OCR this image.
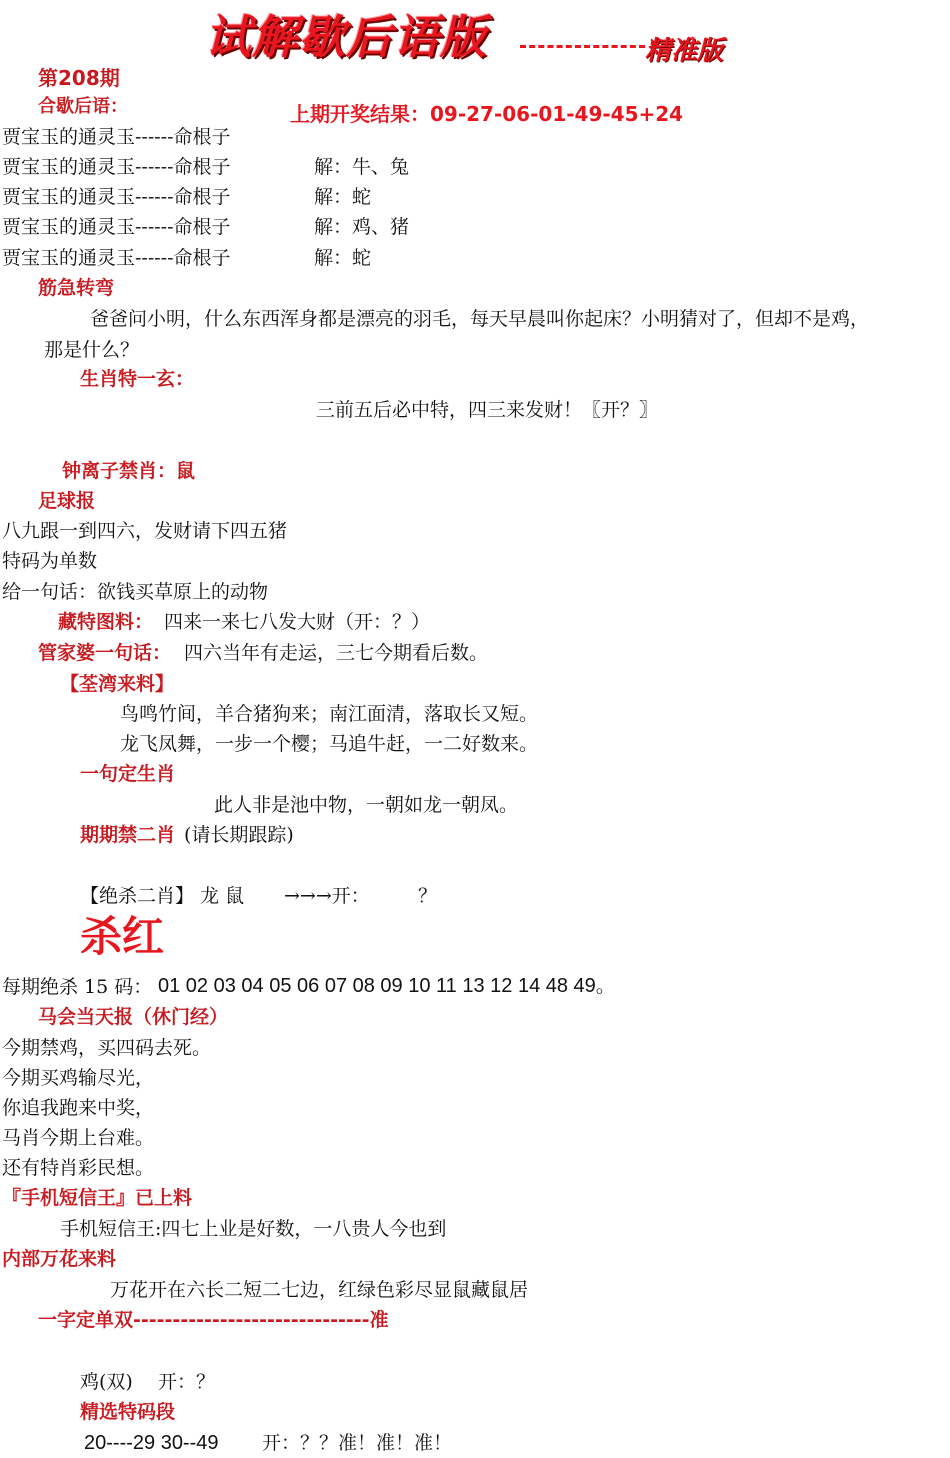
试解歇后语版	精准版
第208期
合歇后语：	上期开奖结果：09-27-06-01-49-45+24
贾宝玉的通灵玉------命根子
贾宝玉的通灵玉------命根子	解：牛、兔
贾宝玉的通灵玉------命根子	解：蛇
贾宝玉的通灵玉------命根子	解：鸡、猪
贾宝玉的通灵玉------命根子	解：蛇
筋急转弯
爸爸问小明，什么东西浑身都是漂亮的羽毛，每天早晨叫你起床？小明猜对了，但却不是鸡，
那是什么？
生肖特一玄：
三前五后必中特，四三来发财！〖开？〗
钟离子禁肖：鼠
足球报
八九跟一到四六，发财请下四五猪
特码为单数
给一句话：欲钱买草原上的动物
藏特图料： 四来一来七八发大财（开：？）
管家婆一句话： 四六当年有走运，三七今期看后数。
【荃湾来料】
鸟鸣竹间，羊合猪狗来；南江面清，落取长又短。
龙飞凤舞，一步一个樱；马追牛赶，一二好数来。
一句定生肖
此人非是池中物，一朝如龙一朝凤。
期期禁二肖 (请长期跟踪)
【绝杀二肖】 龙 鼠 →→→开：	？
杀红
每期绝杀 15 码： 01 02 03 04 05 06 07 08 09 10 11 13 12 14 48 49。
马会当天报（休门经）
今期禁鸡，买四码去死。
今期买鸡输尽光，
你追我跑来中奖，
马肖今期上台难。
还有特肖彩民想。
『手机短信王』已上料
手机短信王:四七上业是好数，一八贵人今也到
内部万花来料
万花开在六长二短二七边，红绿色彩尽显鼠藏鼠居
一字定单双------------------------------准
鸡(双) 开：？
精选特码段
20----29 30--49 开：？？准！准！准！
